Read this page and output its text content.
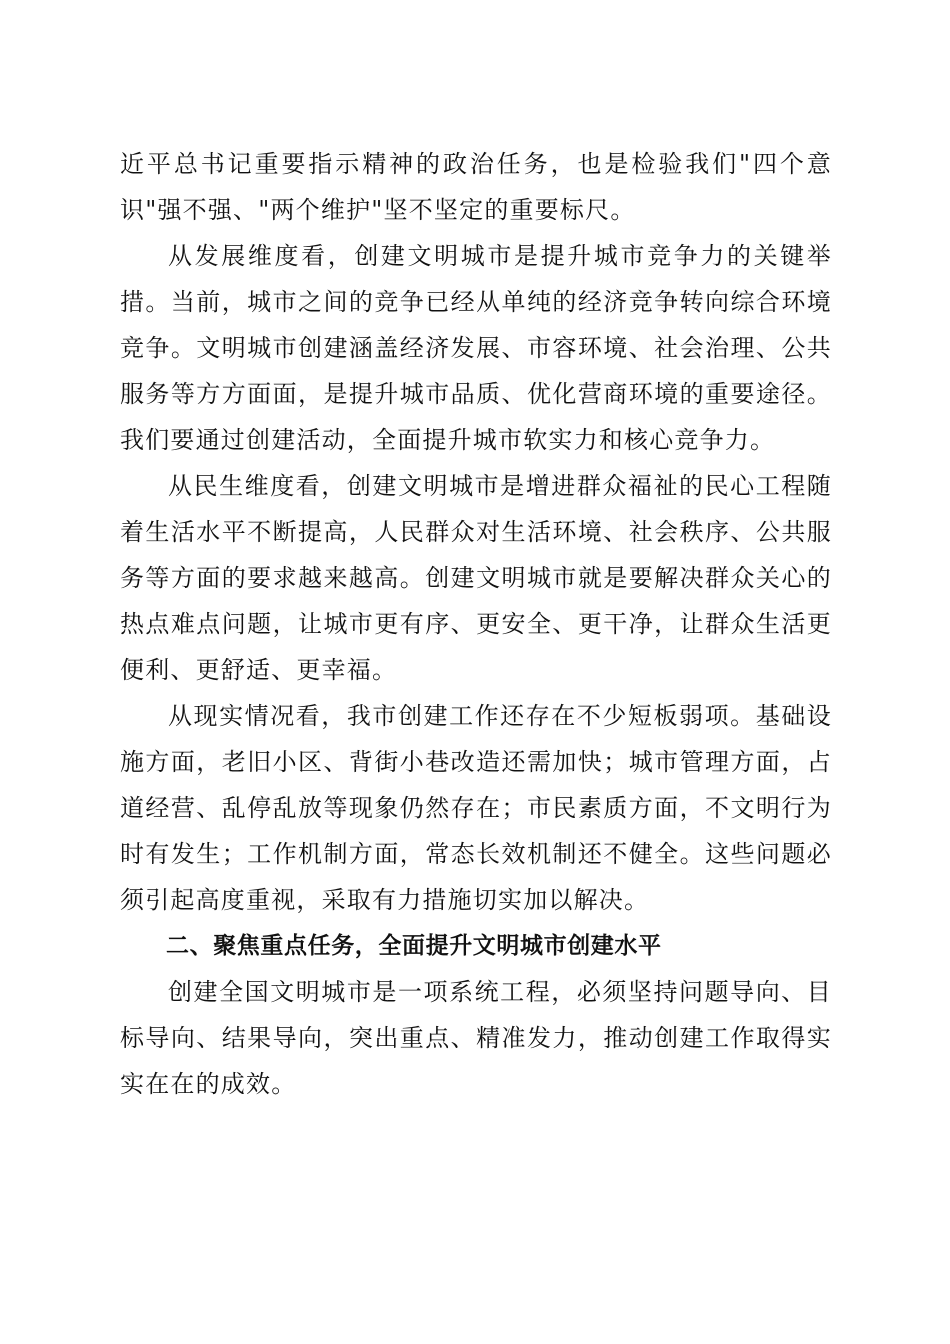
近平总书记重要指示精神的政治任务，也是检验我们"四个意识"强不强、"两个维护"坚不坚定的重要标尺。

从发展维度看，创建文明城市是提升城市竞争力的关键举措。当前，城市之间的竞争已经从单纯的经济竞争转向综合环境竞争。文明城市创建涵盖经济发展、市容环境、社会治理、公共服务等方方面面，是提升城市品质、优化营商环境的重要途径。我们要通过创建活动，全面提升城市软实力和核心竞争力。

从民生维度看，创建文明城市是增进群众福祉的民心工程随着生活水平不断提高，人民群众对生活环境、社会秩序、公共服务等方面的要求越来越高。创建文明城市就是要解决群众关心的热点难点问题，让城市更有序、更安全、更干净，让群众生活更便利、更舒适、更幸福。

从现实情况看，我市创建工作还存在不少短板弱项。基础设施方面，老旧小区、背街小巷改造还需加快；城市管理方面，占道经营、乱停乱放等现象仍然存在；市民素质方面，不文明行为时有发生；工作机制方面，常态长效机制还不健全。这些问题必须引起高度重视，采取有力措施切实加以解决。

二、聚焦重点任务，全面提升文明城市创建水平

创建全国文明城市是一项系统工程，必须坚持问题导向、目标导向、结果导向，突出重点、精准发力，推动创建工作取得实实在在的成效。
